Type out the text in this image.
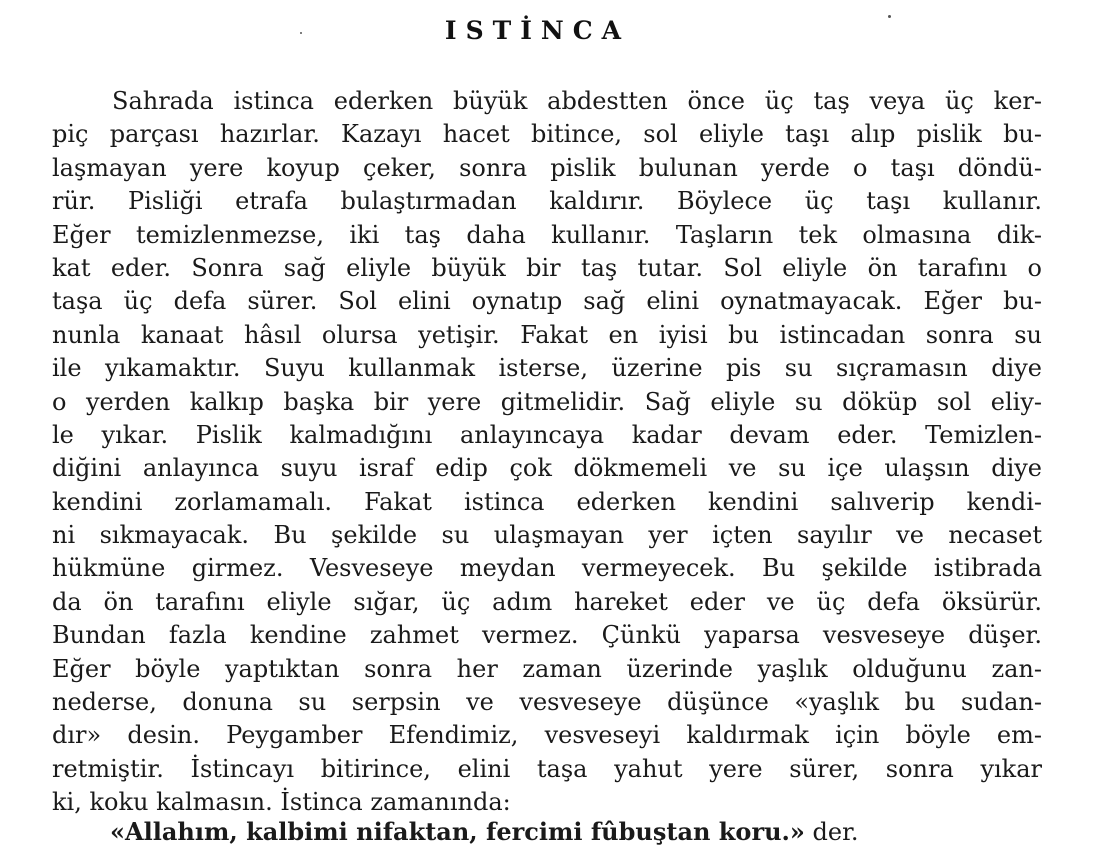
ISTİNCA
Sahrada istinca ederken büyük abdestten önce üç taş veya üç ker-
piç parçası hazırlar. Kazayı hacet bitince, sol eliyle taşı alıp pislik bu-
laşmayan yere koyup çeker, sonra pislik bulunan yerde o taşı döndü-
rür. Pisliği etrafa bulaştırmadan kaldırır. Böylece üç taşı kullanır.
Eğer temizlenmezse, iki taş daha kullanır. Taşların tek olmasına dik-
kat eder. Sonra sağ eliyle büyük bir taş tutar. Sol eliyle ön tarafını o
taşa üç defa sürer. Sol elini oynatıp sağ elini oynatmayacak. Eğer bu-
nunla kanaat hâsıl olursa yetişir. Fakat en iyisi bu istincadan sonra su
ile yıkamaktır. Suyu kullanmak isterse, üzerine pis su sıçramasın diye
o yerden kalkıp başka bir yere gitmelidir. Sağ eliyle su döküp sol eliy-
le yıkar. Pislik kalmadığını anlayıncaya kadar devam eder. Temizlen-
diğini anlayınca suyu israf edip çok dökmemeli ve su içe ulaşsın diye
kendini zorlamamalı. Fakat istinca ederken kendini salıverip kendi-
ni sıkmayacak. Bu şekilde su ulaşmayan yer içten sayılır ve necaset
hükmüne girmez. Vesveseye meydan vermeyecek. Bu şekilde istibrada
da ön tarafını eliyle sığar, üç adım hareket eder ve üç defa öksürür.
Bundan fazla kendine zahmet vermez. Çünkü yaparsa vesveseye düşer.
Eğer böyle yaptıktan sonra her zaman üzerinde yaşlık olduğunu zan-
nederse, donuna su serpsin ve vesveseye düşünce «yaşlık bu sudan-
dır» desin. Peygamber Efendimiz, vesveseyi kaldırmak için böyle em-
retmiştir. İstincayı bitirince, elini taşa yahut yere sürer, sonra yıkar
ki, koku kalmasın. İstinca zamanında:
«Allahım, kalbimi nifaktan, fercimi fûbuştan koru.» der.
